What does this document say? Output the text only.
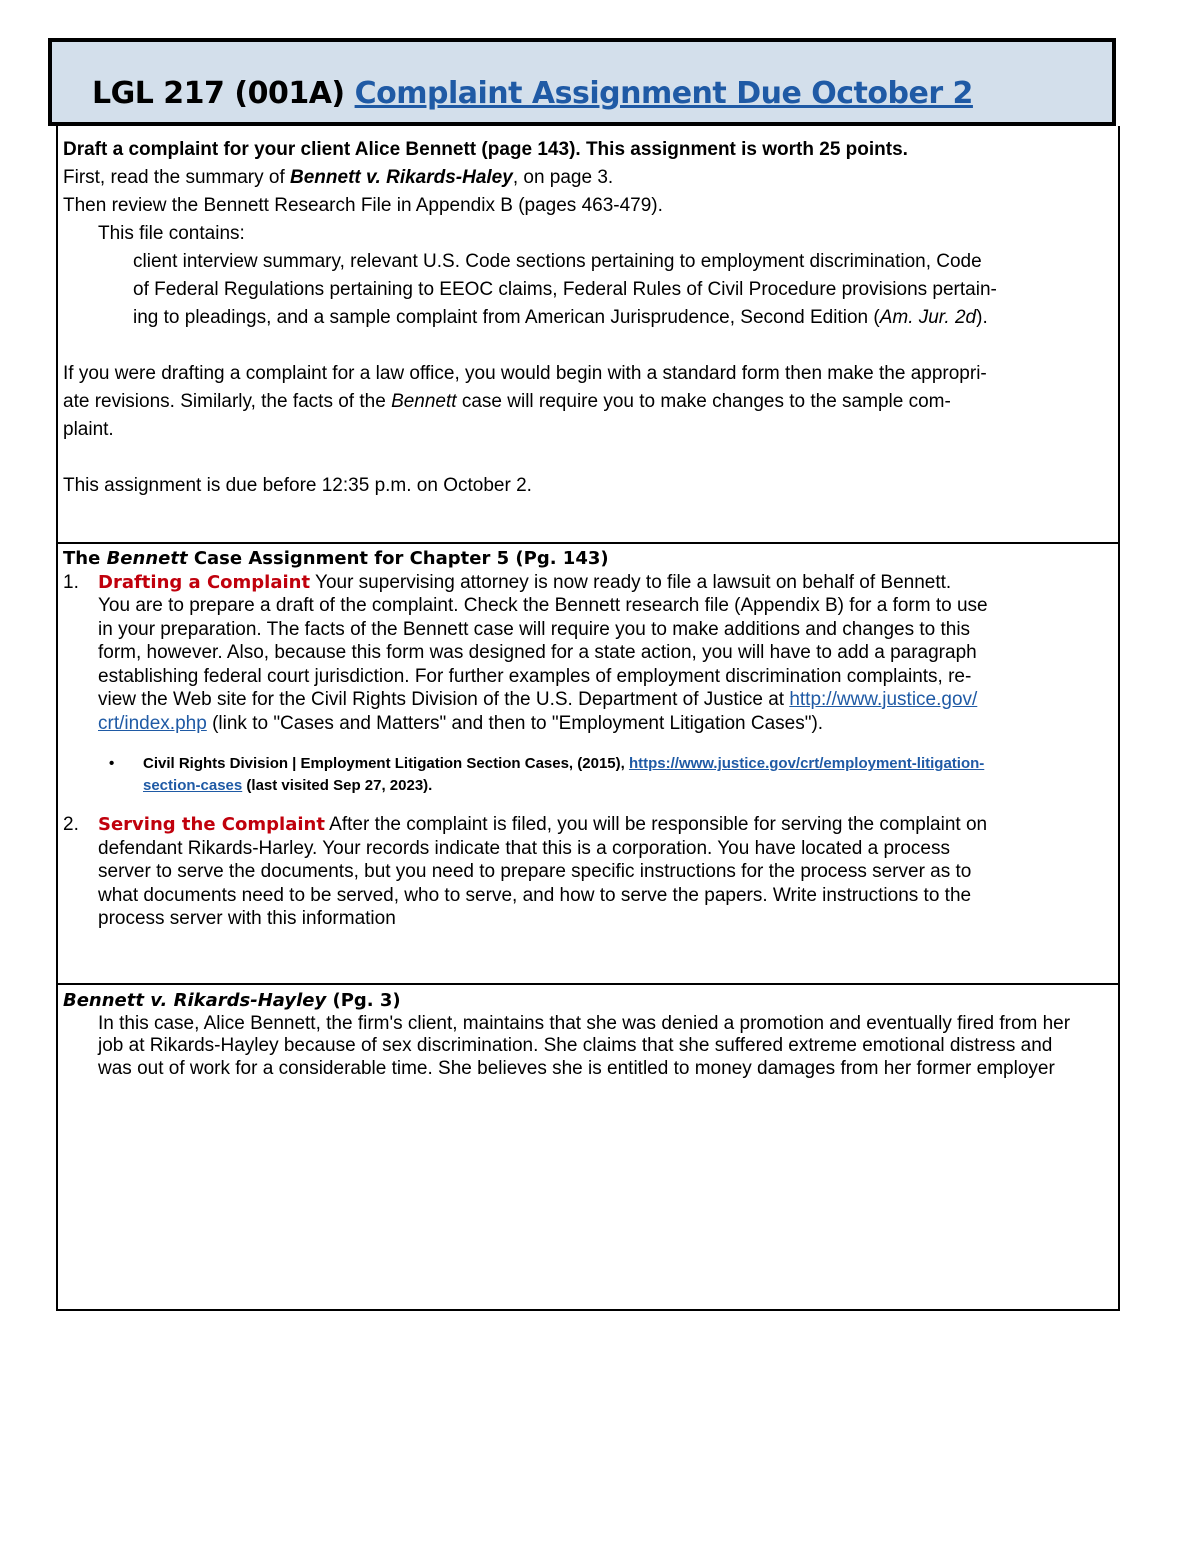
LGL 217 (001A) Complaint Assignment Due October 2

Draft a complaint for your client Alice Bennett (page 143). This assignment is worth 25 points.

First, read the summary of Bennett v. Rikards-Haley, on page 3.

Then review the Bennett Research File in Appendix B (pages 463-479).

This file contains:

client interview summary, relevant U.S. Code sections pertaining to employment discrimination, Code

of Federal Regulations pertaining to EEOC claims, Federal Rules of Civil Procedure provisions pertain-

ing to pleadings, and a sample complaint from American Jurisprudence, Second Edition (Am. Jur. 2d).

If you were drafting a complaint for a law office, you would begin with a standard form then make the appropri-

ate revisions. Similarly, the facts of the Bennett case will require you to make changes to the sample com-

plaint.

This assignment is due before 12:35 p.m. on October 2.

The Bennett Case Assignment for Chapter 5 (Pg. 143)
1.	Drafting a Complaint Your supervising attorney is now ready to file a lawsuit on behalf of Bennett.
You are to prepare a draft of the complaint. Check the Bennett research file (Appendix B) for a form to use
in your preparation. The facts of the Bennett case will require you to make additions and changes to this
form, however. Also, because this form was designed for a state action, you will have to add a paragraph
establishing federal court jurisdiction. For further examples of employment discrimination complaints, re-
view the Web site for the Civil Rights Division of the U.S. Department of Justice at http://www.justice.gov/
crt/index.php (link to "Cases and Matters" and then to "Employment Litigation Cases").
•	Civil Rights Division | Employment Litigation Section Cases, (2015), https://www.justice.gov/crt/employment-litigation-
section-cases (last visited Sep 27, 2023).
2.	Serving the Complaint After the complaint is filed, you will be responsible for serving the complaint on
defendant Rikards-Harley. Your records indicate that this is a corporation. You have located a process
server to serve the documents, but you need to prepare specific instructions for the process server as to
what documents need to be served, who to serve, and how to serve the papers. Write instructions to the
process server with this information
Bennett v. Rikards-Hayley (Pg. 3)
In this case, Alice Bennett, the firm's client, maintains that she was denied a promotion and eventually fired from her
job at Rikards-Hayley because of sex discrimination. She claims that she suffered extreme emotional distress and
was out of work for a considerable time. She believes she is entitled to money damages from her former employer
